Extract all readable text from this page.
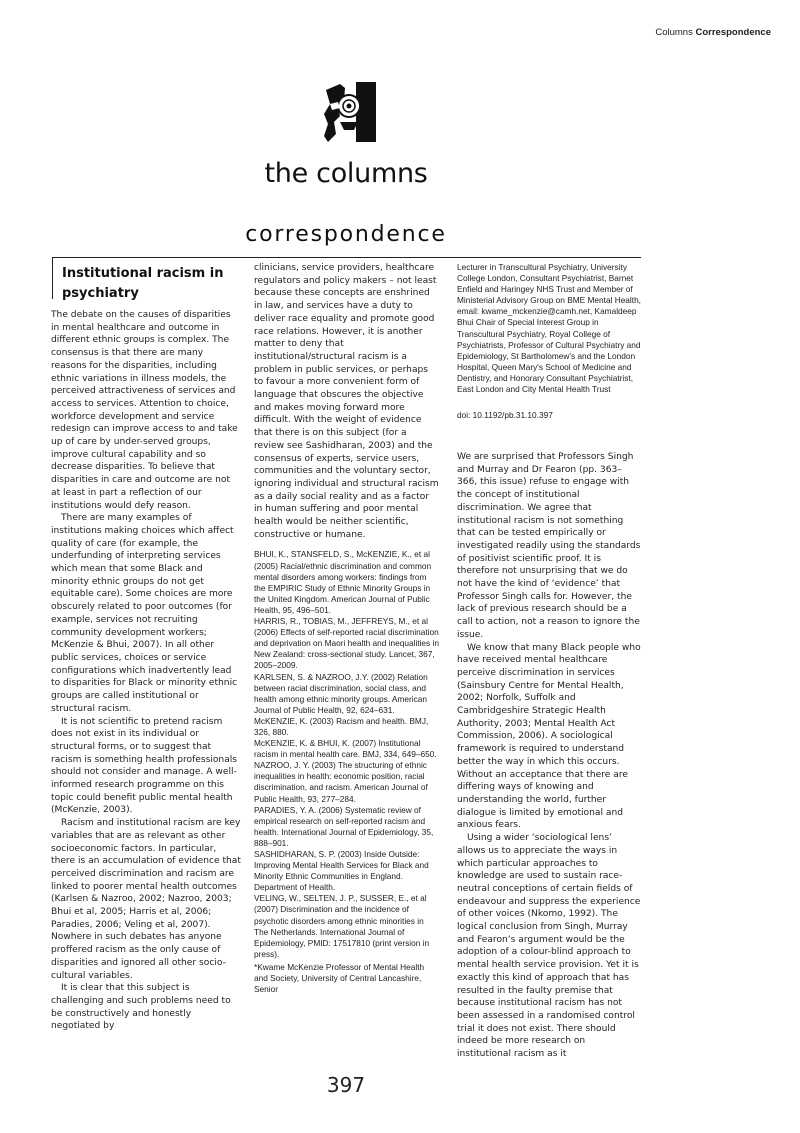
Columns Correspondence
the columns
correspondence
Institutional racism in psychiatry

The debate on the causes of disparities in mental healthcare and outcome in different ethnic groups is complex. The consensus is that there are many reasons for the disparities, including ethnic variations in illness models, the perceived attractiveness of services and access to services. Attention to choice, workforce development and service redesign can improve access to and take up of care by under-served groups, improve cultural capability and so decrease disparities. To believe that disparities in care and outcome are not at least in part a reflection of our institutions would defy reason.

There are many examples of institutions making choices which affect quality of care (for example, the underfunding of interpreting services which mean that some Black and minority ethnic groups do not get equitable care). Some choices are more obscurely related to poor outcomes (for example, services not recruiting community development workers; McKenzie & Bhui, 2007). In all other public services, choices or service configurations which inadvertently lead to disparities for Black or minority ethnic groups are called institutional or structural racism.

It is not scientific to pretend racism does not exist in its individual or structural forms, or to suggest that racism is something health professionals should not consider and manage. A well-informed research programme on this topic could benefit public mental health (McKenzie, 2003).

Racism and institutional racism are key variables that are as relevant as other socioeconomic factors. In particular, there is an accumulation of evidence that perceived discrimination and racism are linked to poorer mental health outcomes (Karlsen & Nazroo, 2002; Nazroo, 2003; Bhui et al, 2005; Harris et al, 2006; Paradies, 2006; Veling et al, 2007). Nowhere in such debates has anyone proffered racism as the only cause of disparities and ignored all other socio-cultural variables.

It is clear that this subject is challenging and such problems need to be constructively and honestly negotiated by

clinicians, service providers, healthcare regulators and policy makers – not least because these concepts are enshrined in law, and services have a duty to deliver race equality and promote good race relations. However, it is another matter to deny that institutional/structural racism is a problem in public services, or perhaps to favour a more convenient form of language that obscures the objective and makes moving forward more difficult. With the weight of evidence that there is on this subject (for a review see Sashidharan, 2003) and the consensus of experts, service users, communities and the voluntary sector, ignoring individual and structural racism as a daily social reality and as a factor in human suffering and poor mental health would be neither scientific, constructive or humane.

BHUI, K., STANSFELD, S., McKENZIE, K., et al (2005) Racial/ethnic discrimination and common mental disorders among workers: findings from the EMPIRIC Study of Ethnic Minority Groups in the United Kingdom. American Journal of Public Health, 95, 496–501.

HARRIS, R., TOBIAS, M., JEFFREYS, M., et al (2006) Effects of self-reported racial discrimination and deprivation on Maori health and inequalities in New Zealand: cross-sectional study. Lancet, 367, 2005–2009.

KARLSEN, S. & NAZROO, J.Y. (2002) Relation between racial discrimination, social class, and health among ethnic minority groups. American Journal of Public Health, 92, 624–631.

McKENZIE, K. (2003) Racism and health. BMJ, 326, 880.

McKENZIE, K. & BHUI, K. (2007) Institutional racism in mental health care. BMJ, 334, 649–650.

NAZROO, J. Y. (2003) The structuring of ethnic inequalities in health: economic position, racial discrimination, and racism. American Journal of Public Health, 93, 277–284.

PARADIES, Y. A. (2006) Systematic review of empirical research on self-reported racism and health. International Journal of Epidemiology, 35, 888–901.

SASHIDHARAN, S. P. (2003) Inside Outside: Improving Mental Health Services for Black and Minority Ethnic Communities in England. Department of Health.

VELING, W., SELTEN, J. P., SUSSER, E., et al (2007) Discrimination and the incidence of psychotic disorders among ethnic minorities in The Netherlands. International Journal of Epidemiology, PMID: 17517810 (print version in press).

*Kwame McKenzie Professor of Mental Health and Society, University of Central Lancashire, Senior

Lecturer in Transcultural Psychiatry, University College London, Consultant Psychiatrist, Barnet Enfield and Haringey NHS Trust and Member of Ministerial Advisory Group on BME Mental Health, email: kwame_mckenzie@camh.net, Kamaldeep Bhui Chair of Special Interest Group in Transcultural Psychiatry, Royal College of Psychiatrists, Professor of Cultural Psychiatry and Epidemiology, St Bartholomew's and the London Hospital, Queen Mary's School of Medicine and Dentistry, and Honorary Consultant Psychiatrist, East London and City Mental Health Trust
doi: 10.1192/pb.31.10.397

We are surprised that Professors Singh and Murray and Dr Fearon (pp. 363–366, this issue) refuse to engage with the concept of institutional discrimination. We agree that institutional racism is not something that can be tested empirically or investigated readily using the standards of positivist scientific proof. It is therefore not unsurprising that we do not have the kind of ‘evidence’ that Professor Singh calls for. However, the lack of previous research should be a call to action, not a reason to ignore the issue.

We know that many Black people who have received mental healthcare perceive discrimination in services (Sainsbury Centre for Mental Health, 2002; Norfolk, Suffolk and Cambridgeshire Strategic Health Authority, 2003; Mental Health Act Commission, 2006). A sociological framework is required to understand better the way in which this occurs. Without an acceptance that there are differing ways of knowing and understanding the world, further dialogue is limited by emotional and anxious fears.

Using a wider ‘sociological lens’ allows us to appreciate the ways in which particular approaches to knowledge are used to sustain race-neutral conceptions of certain fields of endeavour and suppress the experience of other voices (Nkomo, 1992). The logical conclusion from Singh, Murray and Fearon’s argument would be the adoption of a colour-blind approach to mental health service provision. Yet it is exactly this kind of approach that has resulted in the faulty premise that because institutional racism has not been assessed in a randomised control trial it does not exist. There should indeed be more research on institutional racism as it

397
